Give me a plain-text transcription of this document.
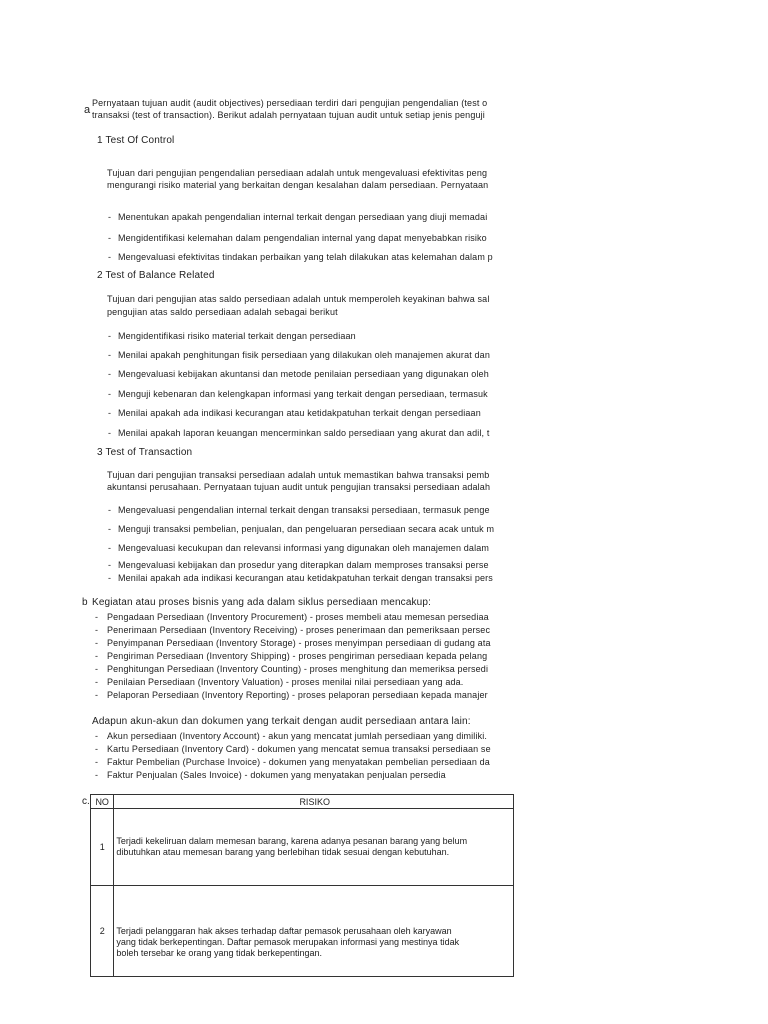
a
Pernyataan tujuan audit (audit objectives) persediaan terdiri dari pengujian pengendalian (test o
transaksi (test of transaction). Berikut adalah pernyataan tujuan audit untuk setiap jenis penguji
1 Test Of Control
Tujuan dari pengujian pengendalian persediaan adalah untuk mengevaluasi efektivitas peng
mengurangi risiko material yang berkaitan dengan kesalahan dalam persediaan. Pernyataan
- Menentukan apakah pengendalian internal terkait dengan persediaan yang diuji memadai
- Mengidentifikasi kelemahan dalam pengendalian internal yang dapat menyebabkan risiko
- Mengevaluasi efektivitas tindakan perbaikan yang telah dilakukan atas kelemahan dalam p
2 Test of Balance Related
Tujuan dari pengujian atas saldo persediaan adalah untuk memperoleh keyakinan bahwa sal
pengujian atas saldo persediaan adalah sebagai berikut
- Mengidentifikasi risiko material terkait dengan persediaan
- Menilai apakah penghitungan fisik persediaan yang dilakukan oleh manajemen akurat dan
- Mengevaluasi kebijakan akuntansi dan metode penilaian persediaan yang digunakan oleh
- Menguji kebenaran dan kelengkapan informasi yang terkait dengan persediaan, termasuk
- Menilai apakah ada indikasi kecurangan atau ketidakpatuhan terkait dengan persediaan
- Menilai apakah laporan keuangan mencerminkan saldo persediaan yang akurat dan adil, t
3 Test of Transaction
Tujuan dari pengujian transaksi persediaan adalah untuk memastikan bahwa transaksi pemb
akuntansi perusahaan. Pernyataan tujuan audit untuk pengujian transaksi persediaan adalah
- Mengevaluasi pengendalian internal terkait dengan transaksi persediaan, termasuk penge
- Menguji transaksi pembelian, penjualan, dan pengeluaran persediaan secara acak untuk m
- Mengevaluasi kecukupan dan relevansi informasi yang digunakan oleh manajemen dalam
- Mengevaluasi kebijakan dan prosedur yang diterapkan dalam memproses transaksi perse
- Menilai apakah ada indikasi kecurangan atau ketidakpatuhan terkait dengan transaksi pers
b Kegiatan atau proses bisnis yang ada dalam siklus persediaan mencakup:
- Pengadaan Persediaan (Inventory Procurement) - proses membeli atau memesan persediaa
- Penerimaan Persediaan (Inventory Receiving) - proses penerimaan dan pemeriksaan persec
- Penyimpanan Persediaan (Inventory Storage) - proses menyimpan persediaan di gudang ata
- Pengiriman Persediaan (Inventory Shipping) - proses pengiriman persediaan kepada pelang
- Penghitungan Persediaan (Inventory Counting) - proses menghitung dan memeriksa persedi
- Penilaian Persediaan (Inventory Valuation) - proses menilai nilai persediaan yang ada.
- Pelaporan Persediaan (Inventory Reporting) - proses pelaporan persediaan kepada manajer
Adapun akun-akun dan dokumen yang terkait dengan audit persediaan antara lain:
- Akun persediaan (Inventory Account) - akun yang mencatat jumlah persediaan yang dimiliki.
- Kartu Persediaan (Inventory Card) - dokumen yang mencatat semua transaksi persediaan se
- Faktur Pembelian (Purchase Invoice) - dokumen yang menyatakan pembelian persediaan da
- Faktur Penjualan (Sales Invoice) - dokumen yang menyatakan penjualan persedia
c. NO	RISIKO
1	Terjadi kekeliruan dalam memesan barang, karena adanya pesanan barang yang belum
dibutuhkan atau memesan barang yang berlebihan tidak sesuai dengan kebutuhan.

2	Terjadi pelanggaran hak akses terhadap daftar pemasok perusahaan oleh karyawan
yang tidak berkepentingan. Daftar pemasok merupakan informasi yang mestinya tidak
boleh tersebar ke orang yang tidak berkepentingan.
